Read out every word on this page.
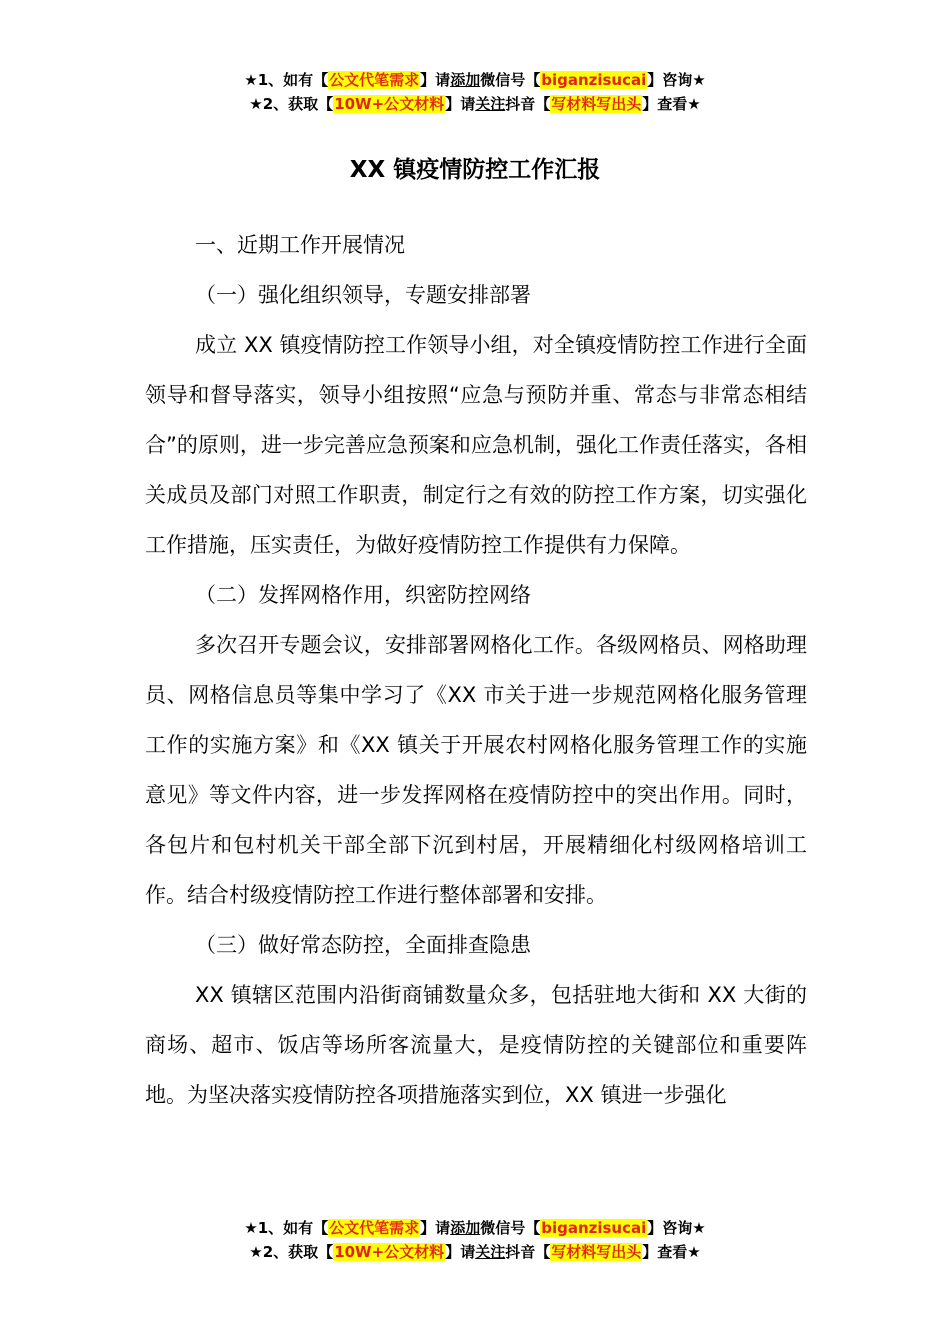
★1、如有【公文代笔需求】请添加微信号【biganzisucai】咨询★
★2、获取【10W+公文材料】请关注抖音【写材料写出头】查看★
XX 镇疫情防控工作汇报

一、近期工作开展情况

（一）强化组织领导，专题安排部署

成立 XX 镇疫情防控工作领导小组，对全镇疫情防控工作进行全面领导和督导落实，领导小组按照“应急与预防并重、常态与非常态相结合”的原则，进一步完善应急预案和应急机制，强化工作责任落实，各相关成员及部门对照工作职责，制定行之有效的防控工作方案，切实强化工作措施，压实责任，为做好疫情防控工作提供有力保障。

（二）发挥网格作用，织密防控网络

多次召开专题会议，安排部署网格化工作。各级网格员、网格助理员、网格信息员等集中学习了《XX 市关于进一步规范网格化服务管理工作的实施方案》和《XX 镇关于开展农村网格化服务管理工作的实施意见》等文件内容，进一步发挥网格在疫情防控中的突出作用。同时，各包片和包村机关干部全部下沉到村居，开展精细化村级网格培训工作。结合村级疫情防控工作进行整体部署和安排。

（三）做好常态防控，全面排查隐患

XX 镇辖区范围内沿街商铺数量众多，包括驻地大街和 XX 大街的商场、超市、饭店等场所客流量大，是疫情防控的关键部位和重要阵地。为坚决落实疫情防控各项措施落实到位，XX 镇进一步强化

★1、如有【公文代笔需求】请添加微信号【biganzisucai】咨询★
★2、获取【10W+公文材料】请关注抖音【写材料写出头】查看★
